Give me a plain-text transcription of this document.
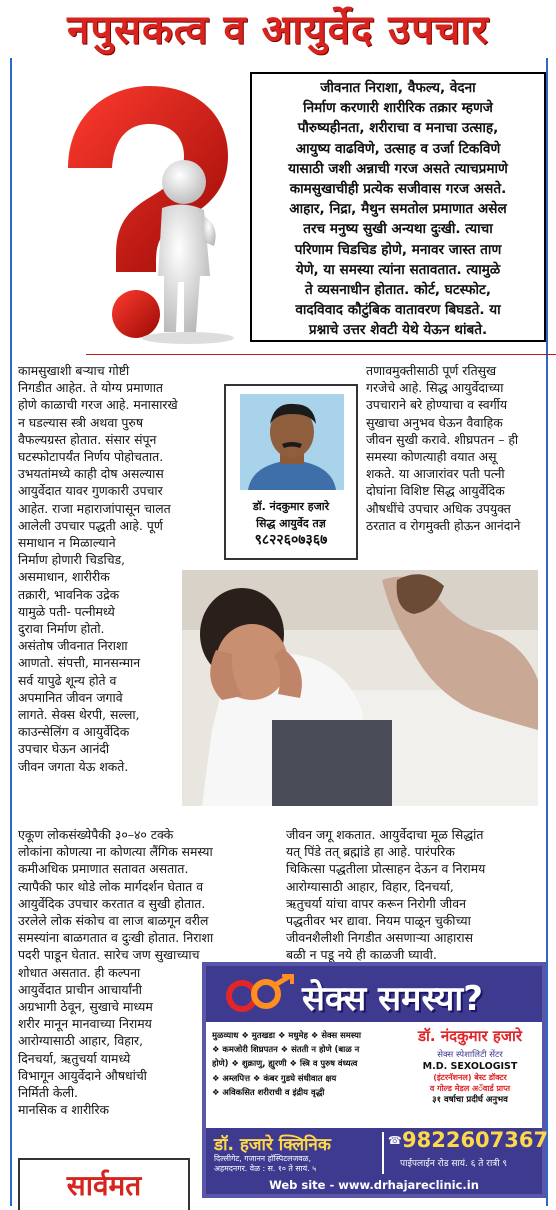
नपुसकत्व व आयुर्वेद उपचार
जीवनात निराशा, वैफल्य, वेदना
निर्माण करणारी शारीरिक तक्रार म्हणजे
पौरुष्यहीनता, शरीराचा व मनाचा उत्साह,
आयुष्य वाढविणे, उत्साह व उर्जा टिकविणे
यासाठी जशी अन्नाची गरज असते त्याचप्रमाणे
कामसुखाचीही प्रत्येक सजीवास गरज असते.
आहार, निद्रा, मैथुन समतोल प्रमाणात असेल
तरच मनुष्य सुखी अन्यथा दुःखी. त्याचा
परिणाम चिडचिड होणे, मनावर जास्त ताण
येणे, या समस्या त्यांना सतावतात. त्यामुळे
ते व्यसनाधीन होतात. कोर्ट, घटस्फोट,
वादविवाद कौटुंबिक वातावरण बिघडते. या
प्रश्नाचे उत्तर शेवटी येथे येऊन थांबते.
कामसुखाशी बऱ्याच गोष्टी
निगडीत आहेत. ते योग्य प्रमाणात
होणे काळाची गरज आहे. मनासारखे
न घडल्यास स्त्री अथवा पुरुष
वैफल्यग्रस्त होतात. संसार संपून
घटस्फोटापर्यंत निर्णय पोहोचतात.
उभयतांमध्ये काही दोष असल्यास
आयुर्वेदात यावर गुणकारी उपचार
आहेत. राजा महाराजांपासून चालत
आलेली उपचार पद्धती आहे. पूर्ण
समाधान न मिळाल्याने
निर्माण होणारी चिडचिड,
असमाधान, शारीरीक
तक्रारी, भावनिक उद्रेक
यामुळे पती- पत्नीमध्ये
दुरावा निर्माण होतो.
असंतोष जीवनात निराशा
आणतो. संपत्ती, मानसन्मान
सर्व यापुढे शून्य होते व
अपमानित जीवन जगावे
लागते. सेक्स थेरपी, सल्ला,
काउन्सेलिंग व आयुर्वेदिक
उपचार घेऊन आनंदी
जीवन जगता येऊ शकते.
डॉ. नंदकुमार हजारे
सिद्ध आयुर्वेद तज्ञ
९८२२६०७३६७
तणावमुक्तीसाठी पूर्ण रतिसुख
गरजेचे आहे. सिद्ध आयुर्वेदाच्या
उपचाराने बरे होण्याचा व स्वर्गीय
सुखाचा अनुभव घेऊन वैवाहिक
जीवन सुखी करावे. शीघ्रपतन – ही
समस्या कोणत्याही वयात असू
शकते. या आजारांवर पती पत्नी
दोघांना विशिष्ट सिद्ध आयुर्वेदिक
औषधींचे उपचार अधिक उपयुक्त
ठरतात व रोगमुक्ती होऊन आनंदाने
एकूण लोकसंख्येपैकी ३०–४० टक्के
लोकांना कोणत्या ना कोणत्या लैंगिक समस्या
कमीअधिक प्रमाणात सतावत असतात.
त्यापैकी फार थोडे लोक मार्गदर्शन घेतात व
आयुर्वेदिक उपचार करतात व सुखी होतात.
उरलेले लोक संकोच वा लाज बाळगून वरील
समस्यांना बाळगतात व दुःखी होतात. निराशा
पदरी पाडून घेतात. सारेच जण सुखाच्याच
शोधात असतात. ही कल्पना
आयुर्वेदात प्राचीन आचार्यांनी
अग्रभागी ठेवून, सुखाचे माध्यम
शरीर मानून मानवाच्या निरामय
आरोग्यासाठी आहार, विहार,
दिनचर्या, ऋतुचर्या यामध्ये
विभागून आयुर्वेदाने औषधांची
निर्मिती केली.
मानसिक व शारीरिक
जीवन जगू शकतात. आयुर्वेदाचा मूळ सिद्धांत
यत् पिंडे तत् ब्रह्मांडे हा आहे. पारंपरिक
चिकित्सा पद्धतीला प्रोत्साहन देऊन व निरामय
आरोग्यासाठी आहार, विहार, दिनचर्या,
ऋतुचर्या यांचा वापर करून निरोगी जीवन
पद्धतीवर भर द्यावा. नियम पाळून चुकीच्या
जीवनशैलीशी निगडीत असणाऱ्या आहारास
बळी न पडू नये ही काळजी घ्यावी.
सेक्स समस्या?
मुळव्याध ❖ मुतखडा ❖ मधुमेह ❖ सेक्स समस्या
❖ कमजोरी शिघ्रपतन ❖ संतती न होणे (बाळ न
होणे) ❖ शुक्राणु, ह्युरणी ❖ स्त्रि व पुरुष वंध्यत्व
❖ अम्लपित्त ❖ कंबर गुडघे संधीवात क्षय
❖ अविकसित शरीराची व इंद्रीय वृद्धी
डॉ. नंदकुमार हजारे
सेक्स स्पेशालिटी सेंटर
M.D. SEXOLOGIST
(इंटरनॅशनल) बेस्ट डॉक्टर
व गोल्ड मेडल अॅवार्ड प्राप्त
३१ वर्षाचा प्रदीर्घ अनुभव
डॉ. हजारे क्लिनिक
दिल्लीगेट, गजानन हॉस्पिटलजवळ,
अहमदनगर. वेळ : स. १० ते सायं. ५
☎ 9822607367
पाईपलाईन रोड सायं. ६ ते रात्री ९
Web site - www.drhajareclinic.in
सार्वमत
